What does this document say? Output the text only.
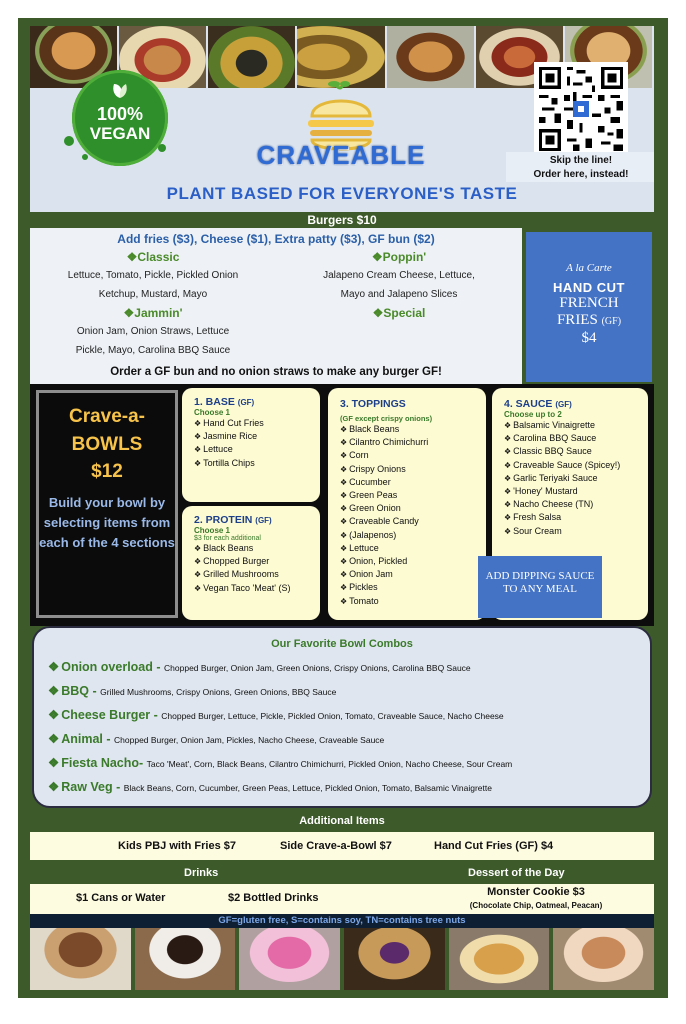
100%
VEGAN
CRAVEABLE
PLANT BASED FOR EVERYONE'S TASTE
Skip the line!
Order here, instead!
Burgers $10
Add fries ($3), Cheese ($1), Extra patty ($3), GF bun ($2)
❖Classic
Lettuce, Tomato, Pickle, Pickled Onion
Ketchup, Mustard, Mayo
❖Poppin'
Jalapeno Cream Cheese, Lettuce,
Mayo and Jalapeno Slices
❖Jammin'
Onion Jam, Onion Straws, Lettuce
Pickle, Mayo, Carolina BBQ Sauce
❖Special
Order a GF bun and no onion straws to make any burger GF!
A la Carte
HAND CUT
FRENCH
FRIES (GF)
$4
Crave-a-
BOWLS
$12
Build your bowl by selecting items from each of the 4 sections
1. BASE (GF)
Choose 1
❖ Hand Cut Fries
❖ Jasmine Rice
❖ Lettuce
❖ Tortilla Chips
2. PROTEIN (GF)
Choose 1
$3 for each additional
❖ Black Beans
❖ Chopped Burger
❖ Grilled Mushrooms
❖ Vegan Taco 'Meat' (S)
3. TOPPINGS
(GF except crispy onions)
❖ Black Beans
❖ Cilantro Chimichurri
❖ Corn
❖ Crispy Onions
❖ Cucumber
❖ Green Peas
❖ Green Onion
❖ Craveable Candy
❖ (Jalapenos)
❖ Lettuce
❖ Onion, Pickled
❖ Onion Jam
❖ Pickles
❖ Tomato
4. SAUCE (GF)
Choose up to 2
❖ Balsamic Vinaigrette
❖ Carolina BBQ Sauce
❖ Classic BBQ Sauce
❖ Craveable Sauce (Spicey!)
❖ Garlic Teriyaki Sauce
❖ 'Honey' Mustard
❖ Nacho Cheese (TN)
❖ Fresh Salsa
❖ Sour Cream
ADD DIPPING SAUCE TO ANY MEAL
Our Favorite Bowl Combos
❖ Onion overload - Chopped Burger, Onion Jam, Green Onions, Crispy Onions, Carolina BBQ Sauce
❖ BBQ - Grilled Mushrooms, Crispy Onions, Green Onions, BBQ Sauce
❖ Cheese Burger - Chopped Burger, Lettuce, Pickle, Pickled Onion, Tomato, Craveable Sauce, Nacho Cheese
❖ Animal - Chopped Burger, Onion Jam, Pickles, Nacho Cheese, Craveable Sauce
❖ Fiesta Nacho- Taco 'Meat', Corn, Black Beans, Cilantro Chimichurri, Pickled Onion, Nacho Cheese, Sour Cream
❖ Raw Veg - Black Beans, Corn, Cucumber, Green Peas, Lettuce, Pickled Onion, Tomato, Balsamic Vinaigrette
Additional Items
Kids PBJ with Fries $7	Side Crave-a-Bowl $7	Hand Cut Fries (GF) $4
Drinks	Dessert of the Day
$1 Cans or Water	$2 Bottled Drinks	Monster Cookie $3
(Chocolate Chip, Oatmeal, Peacan)
GF=gluten free, S=contains soy, TN=contains tree nuts
